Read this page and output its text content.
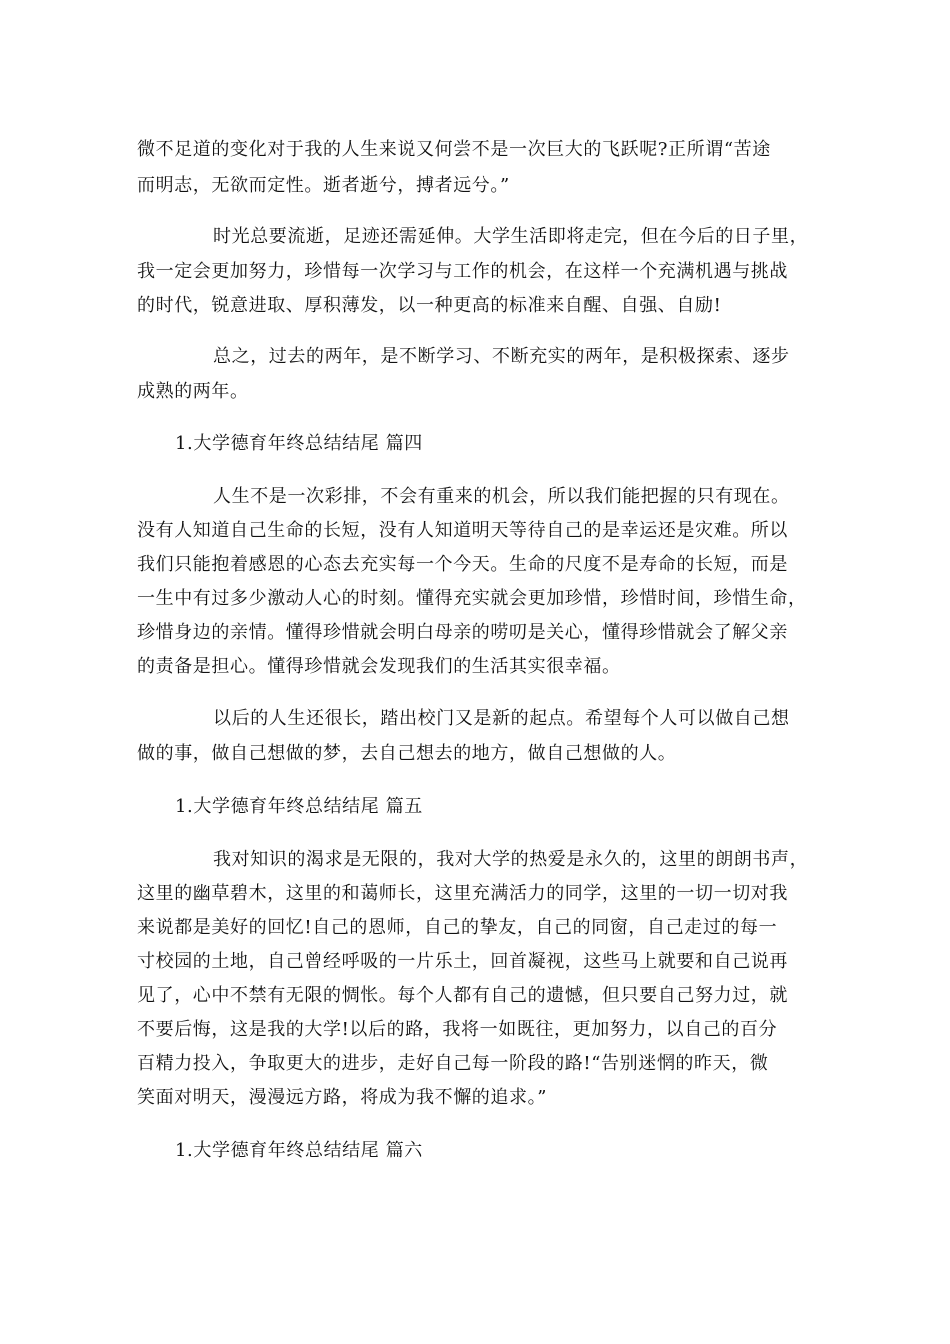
微不足道的变化对于我的人生来说又何尝不是一次巨大的飞跃呢?正所谓“苦途
而明志，无欲而定性。逝者逝兮，搏者远兮。”
时光总要流逝，足迹还需延伸。大学生活即将走完，但在今后的日子里，
我一定会更加努力，珍惜每一次学习与工作的机会，在这样一个充满机遇与挑战
的时代，锐意进取、厚积薄发，以一种更高的标准来自醒、自强、自励!
总之，过去的两年，是不断学习、不断充实的两年，是积极探索、逐步
成熟的两年。
1.大学德育年终总结结尾 篇四
人生不是一次彩排，不会有重来的机会，所以我们能把握的只有现在。
没有人知道自己生命的长短，没有人知道明天等待自己的是幸运还是灾难。所以
我们只能抱着感恩的心态去充实每一个今天。生命的尺度不是寿命的长短，而是
一生中有过多少激动人心的时刻。懂得充实就会更加珍惜，珍惜时间，珍惜生命，
珍惜身边的亲情。懂得珍惜就会明白母亲的唠叨是关心，懂得珍惜就会了解父亲
的责备是担心。懂得珍惜就会发现我们的生活其实很幸福。
以后的人生还很长，踏出校门又是新的起点。希望每个人可以做自己想
做的事，做自己想做的梦，去自己想去的地方，做自己想做的人。
1.大学德育年终总结结尾 篇五
我对知识的渴求是无限的，我对大学的热爱是永久的，这里的朗朗书声，
这里的幽草碧木，这里的和蔼师长，这里充满活力的同学，这里的一切一切对我
来说都是美好的回忆!自己的恩师，自己的挚友，自己的同窗，自己走过的每一
寸校园的土地，自己曾经呼吸的一片乐土，回首凝视，这些马上就要和自己说再
见了，心中不禁有无限的惆怅。每个人都有自己的遗憾，但只要自己努力过，就
不要后悔，这是我的大学!以后的路，我将一如既往，更加努力，以自己的百分
百精力投入，争取更大的进步，走好自己每一阶段的路!“告别迷惘的昨天，微
笑面对明天，漫漫远方路，将成为我不懈的追求。”
1.大学德育年终总结结尾 篇六
